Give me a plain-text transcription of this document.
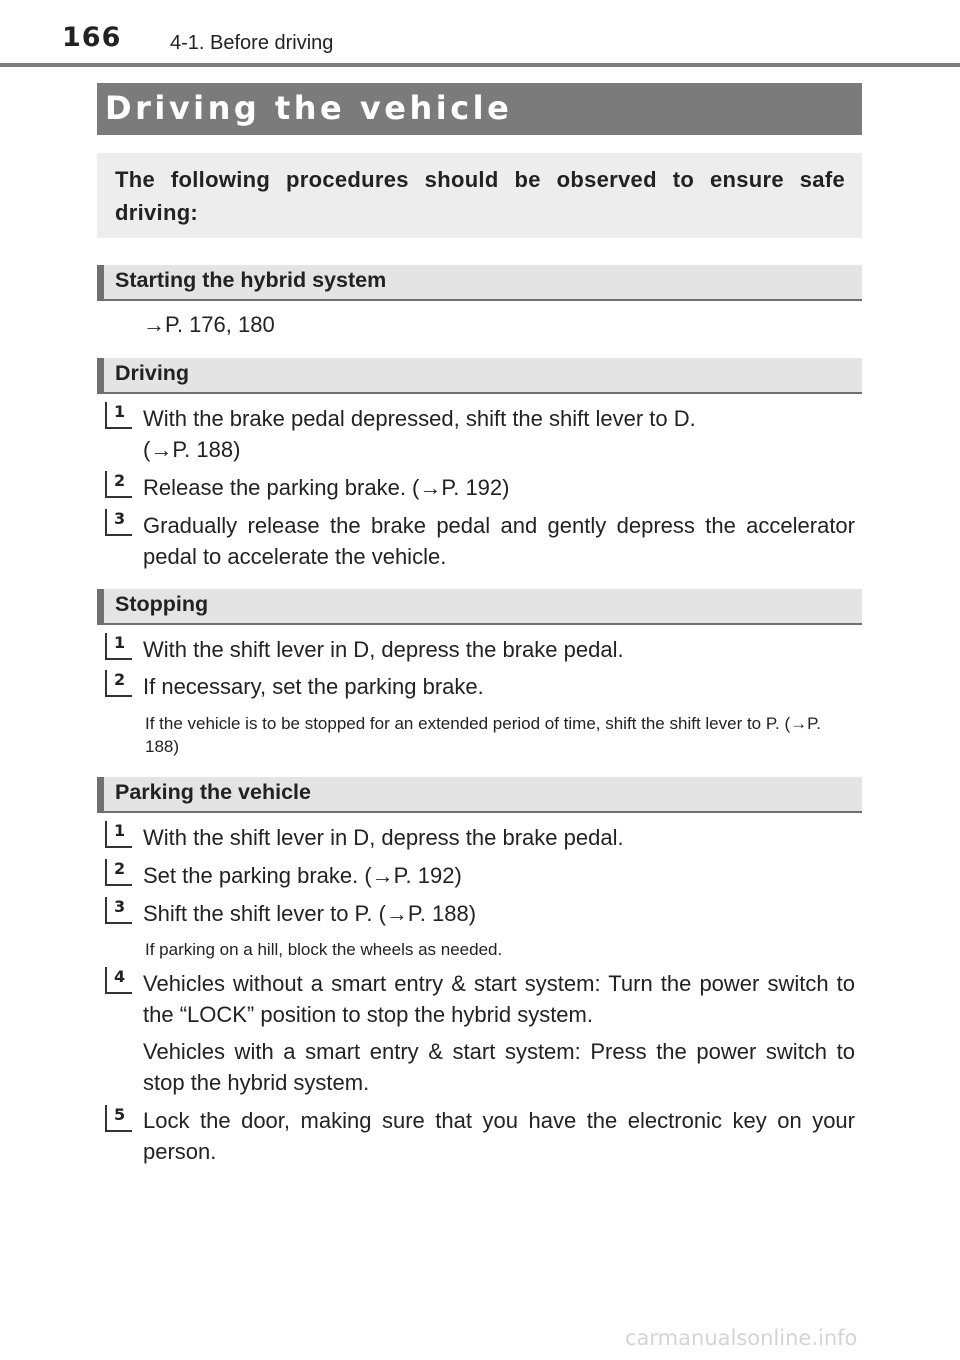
166 4-1. Before driving
Driving the vehicle
The following procedures should be observed to ensure safe driving:
Starting the hybrid system
→P. 176, 180
Driving
1 With the brake pedal depressed, shift the shift lever to D.
(→P. 188)
2 Release the parking brake. (→P. 192)
3 Gradually release the brake pedal and gently depress the accelerator pedal to accelerate the vehicle.
Stopping
1 With the shift lever in D, depress the brake pedal.
2 If necessary, set the parking brake.
If the vehicle is to be stopped for an extended period of time, shift the shift lever to P. (→P. 188)
Parking the vehicle
1 With the shift lever in D, depress the brake pedal.
2 Set the parking brake. (→P. 192)
3 Shift the shift lever to P. (→P. 188)
If parking on a hill, block the wheels as needed.
4 Vehicles without a smart entry & start system: Turn the power switch to the “LOCK” position to stop the hybrid system.
Vehicles with a smart entry & start system: Press the power switch to stop the hybrid system.
5 Lock the door, making sure that you have the electronic key on your person.
carmanualsonline.info
